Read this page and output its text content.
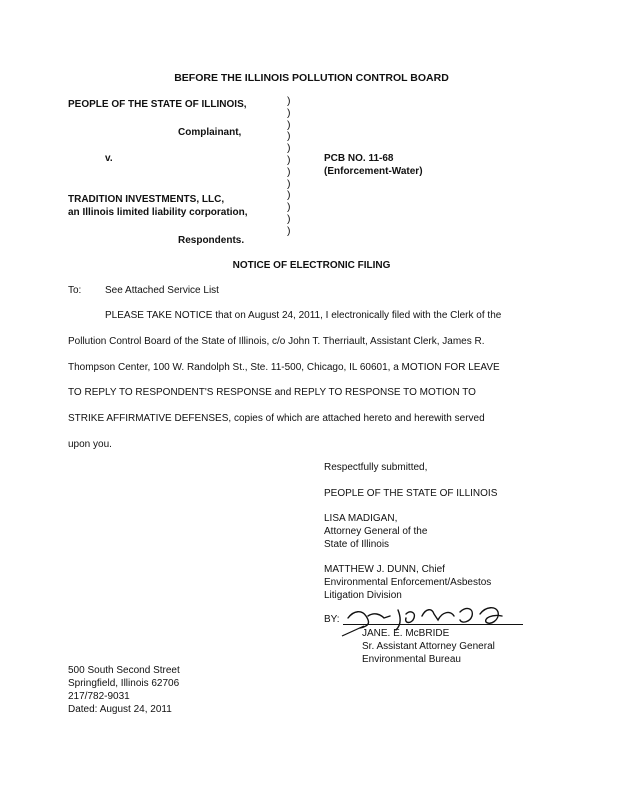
BEFORE THE ILLINOIS POLLUTION CONTROL BOARD
PEOPLE OF THE STATE OF ILLINOIS,
Complainant,
v.
TRADITION INVESTMENTS, LLC,
an Illinois limited liability corporation,
Respondents.
)
)
)
)
)
)
)
)
)
)
)
)
PCB NO. 11-68
(Enforcement-Water)
NOTICE OF ELECTRONIC FILING
To: See Attached Service List
PLEASE TAKE NOTICE that on August 24, 2011, I electronically filed with the Clerk of the
Pollution Control Board of the State of Illinois, c/o John T. Therriault, Assistant Clerk, James R.
Thompson Center, 100 W. Randolph St., Ste. 11-500, Chicago, IL 60601, a MOTION FOR LEAVE
TO REPLY TO RESPONDENT'S RESPONSE and REPLY TO RESPONSE TO MOTION TO
STRIKE AFFIRMATIVE DEFENSES, copies of which are attached hereto and herewith served
upon you.
Respectfully submitted,
PEOPLE OF THE STATE OF ILLINOIS
LISA MADIGAN,
Attorney General of the
State of Illinois
MATTHEW J. DUNN, Chief
Environmental Enforcement/Asbestos
Litigation Division
BY:
JANE. E. McBRIDE
Sr. Assistant Attorney General
Environmental Bureau
500 South Second Street
Springfield, Illinois 62706
217/782-9031
Dated: August 24, 2011
